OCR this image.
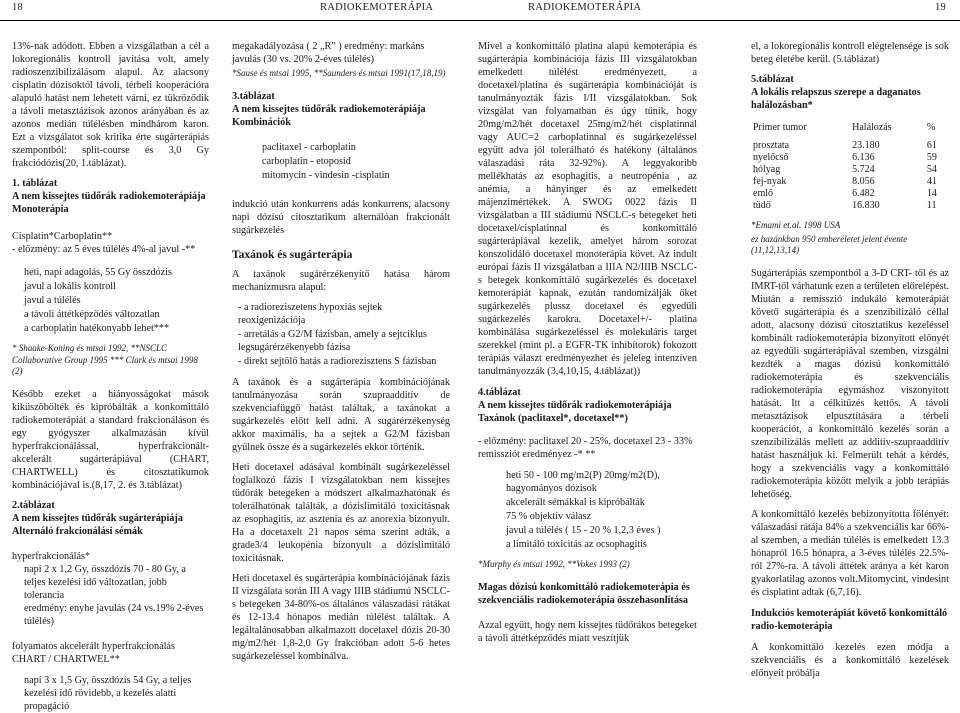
18	RADIOKEMOTERÁPIA	RADIOKEMOTERÁPIA	19

13%-nak adódott. Ebben a vizsgálatban a cél a lokoregionális kontroll javítása volt, amely radioszenzibilizálásom alapul. Az alacsony cisplatin dózisoktól távoli, térbeli kooperációra alapuló hatást nem lehetett várni, ez tükröződik a távoli metasztázisok azonos arányában és az azonos medián túlélésben mindhárom karon. Ezt a vizsgálatot sok kritika érte sugárterápiás szempontból: split-course és 3,0 Gy frakciódózis(20, 1.táblázat).

1. táblázat
A nem kissejtes tüdőrák radiokemoterápiája Monoterápia
Cisplatin*Carboplatin**
- előzmény: az 5 éves túlélés 4%-al javul -**
heti, napi adagolás, 55 Gy összdózis
javul a lokális kontroll
javul a túlélés
a távoli áttétképződés változatlan
a carboplatin hatékonyabb lehet***
* Shaake-Koning és mtsai 1992, **NSCLC Collaborative Group 1995 *** Clark és mtsai 1998 (2)

Később ezeket a hiányosságokat mások kiküszöbölték és kipróbálták a konkomittáló radiokemoterápiát a standard frakcionáláson és egy gyógyszer alkalmazásán kívül hyperfrakcionálással, hyperfrakcionált-akcelerált sugárterápiával (CHART, CHARTWELL) és citosztatikumok kombinációjával is.(8,17, 2. és 3.táblázat)

2.táblázat
A nem kissejtes tüdőrák sugárterápiája Alternáló frakcionálási sémák
hyperfrakcionálás*
napi 2 x 1,2 Gy, összdózis 70 - 80 Gy, a teljes kezelési idő változatlan, jobb tolerancia
eredmény: enyhe javulás (24 vs.19% 2-éves túlélés)
folyamatos akcelerált hyperfrakcionálás CHART / CHARTWEL**
napi 3 x 1,5 Gy, összdózis 54 Gy, a teljes kezelési idő rövidebb, a kezelés alatti propagáció
megakadályozása ( 2 „R” ) eredmény: markáns javulás (30 vs. 20% 2-éves túlélés)
*Sause és mtsai 1995, **Saunders és mtsai 1991(17,18,19)
3.táblázat
A nem kissejtes tüdőrák radiokemoterápiája Kombinációk
paclitaxel - carboplatin
carboplatin - etoposid
mitomycin - vindesin -cisplatin

indukció után konkurrens adás konkurrens, alacsony napi dózisú citosztatikum alternálóan frakcionált sugárkezelés

Taxánok és sugárterápia

A taxánok sugárérzékenyítő hatása három mechanizmusra alapul:

- a radioreziszetens hypoxiás sejtek reoxigenizációja
- arretálás a G2/M fázisban, amely a sejtciklus legsugárérzékenyebb fázisa
- direkt sejtölő hatás a radiorezisztens S fázisban

A taxánok és a sugárterápia kombinációjának tanulmányozása során szupraadditív de szekvenciafüggő hatást találtak, a taxánokat a sugárkezelés előtt kell adni. A sugárérzékenység akkor maximális, ha a sejtek a G2/M fázisban gyűlnek össze és a sugárkezelés ekkor történik.

Heti docetaxel adásával kombinált sugárkezeléssel foglalkozó fázis I vizsgálatokban nem kissejtes tüdőrák betegeken a módszert alkalmazhatónak és tolerálhatónak találták, a dózislimitáló toxicitásnak az esophagitis, az asztenia és az anorexia bizonyult. Ha a docetaxelt 21 napos séma szerint adták, a grade3/4 leukopénia bizonyult a dózislimitáló toxicitásnak.

Heti docetaxel és sugárterápia kombinációjának fázis II vizsgálata során III A vagy IIIB stádiumú NSCLC-s betegeken 34-80%-os általános válaszadási rátákat és 12-13.4 hónapos medián túlélést találtak. A legáltalánosabban alkalmazott docetaxel dózis 20-30 mg/m2/hét 1,8-2,0 Gy frakcióban adott 5-6 hetes sugárkezeléssel kombinálva.

Mivel a konkomittáló platina alapú kemoterápia és sugárterápia kombinációja fázis III vizsgálatokban emelkedett túlélést eredményezett, a docetaxel/platina és sugárterápia kombinációját is tanulmányozták fázis I/II vizsgálatokban. Sok vizsgálat van folyamatban és úgy tűnik, hogy 20mg/m2/hét docetaxel 25mg/m2/hét cisplatinnal vagy AUC=2 carboplatinnal és sugárkezeléssel együtt adva jól tolerálható és hatékony (általános válaszadási ráta 32-92%). A leggyakoribb mellékhatás az esophagitis, a neutropénia , az anémia, a hányinger és az emelkedett májenzimértékek. A SWOG 0022 fázis II vizsgálatban a III stádiumú NSCLC-s betegeket heti docetaxel/cisplatinnal és konkomittáló sugárterápiával kezelik, amelyet három sorozat konszolidáló docetaxel monoterápia követ. Az indult európai fázis II vizsgálatban a IIIA N2/IIIB NSCLC-s betegek konkomittáló sugárkezelés és docetaxel kemoterápiát kapnak, ezután randomizálják őket sugárkezelés plussz docetaxel és egyedüli sugárkezelés karokra. Docetaxel+/- platina kombinálása sugárkezeléssel és molekuláris target szerekkel (mint pl. a EGFR-TK inhibítorok) fokozott terápiás választ eredményezhet és jeleleg intenzíven tanulmányozzák (3,4,10,15, 4.táblázat))

4.táblázat
A nem kissejtes tüdőrák radiokemoterápiája Taxánok (paclitaxel*, docetaxel**)
- előzmény: paclitaxel 20 - 25%, docetaxel 23 - 33% remissziót eredményez -* **
heti 50 - 100 mg/m2(P) 20mg/m2(D), hagyományos dózisok
akcelerált sémákkal is kipróbálták
75 % objektív válasz
javul a túlélés ( 15 - 20 % 1,2,3 éves )
a limitáló toxicitás az ocsophagitis
*Murphy és mtsai 1992, **Vokes 1993 (2)
Magas dózisú konkomittáló radiokemoterápia és szekvenciális radiokemoterápia összehasonlítása

Azzal együtt, hogy nem kissejtes tüdőrákos betegeket a távoli áttétképződés miatt veszítjük

el, a lokoregionális kontroll elégtelensége is sok beteg életébe kerül. (5.táblázat)

5.táblázat
A lokális relapszus szerepe a daganatos halálozásban*
Primer tumor	Halálozás	%

prosztata	23.180	61
nyelőcső	6.136	59
hólyag	5.724	54
fej-nyak	8.056	41
emlő	6.482	14
tüdő	16.830	11
*Emami et.al. 1998 USA
ez hazánkban 950 emberéletet jelent évente (11,12,13,14)

Sugárterápiás szempontból a 3-D CRT- től és az IMRT-től várhatunk ezen a területen előrelépést. Miután a remisszió indukáló kemoterápiát követő sugárterápia és a szenzibilizáló céllal adott, alacsony dózisú citosztatikus kezeléssel kombinált radiokemoterápia bizonyított előnyét az egyedüli sugárterápiával szemben, vizsgálni kezdték a magas dózisú konkomittáló radiokemoterápia és szekvenciális radiokemoterápia egymáshoz viszonyított hatását. Itt a célkitűzés kettős. A távoli metasztázisok elpusztítására a térbeli kooperációt, a konkomittáló kezelés során a szenzibilizálás mellett az additív-szupraadditív hatást használjuk ki. Felmerült tehát a kérdés, hogy a szekvenciális vagy a konkomittáló radiokemoterápia között melyik a jobb terápiás lehetőség.

A konkomittáló kezelés bebizonyította fölényét: válaszadási rátája 84% a szekvenciális kar 66%-al szemben, a medián túlélés is emelkedett 13.3 hónapról 16.5 hónapra, a 3-éves túlélés 22.5%-ról 27%-ra. A távoli áttétek aránya a két karon gyakorlatilag azonos volt.Mitomycint, vindesint és cisplatint adtak (6,7,16).

Indukciós kemoterápiát követő konkomittáló radio-kemoterápia

A konkomittáló kezelés ezen módja a szekvenciális és a konkomittáló kezelések előnyeit próbálja
